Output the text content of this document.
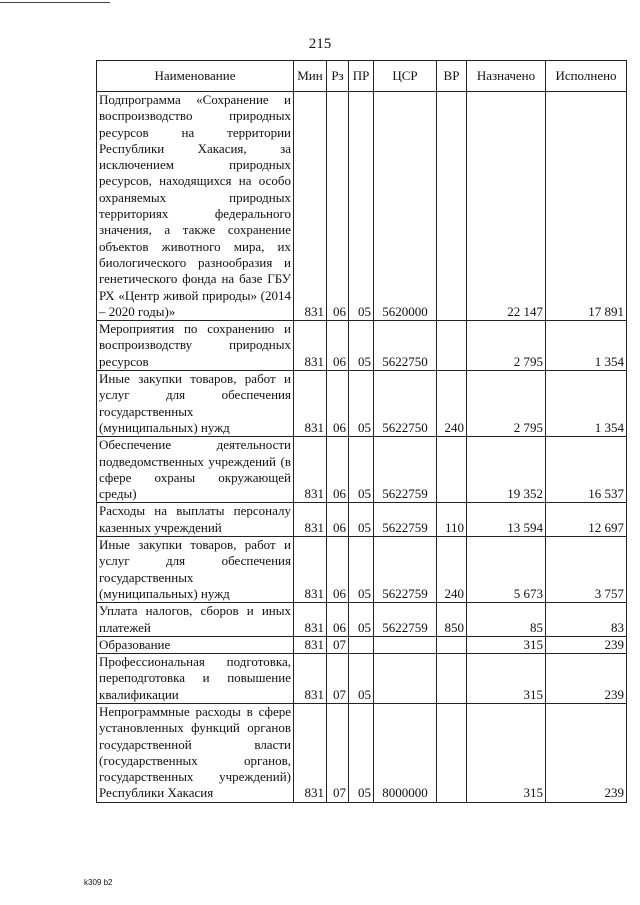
215
Наименование	Мин	Рз	ПР	ЦСР	ВР	Назначено	Исполнено
Подпрограмма «Сохранение и воспроизводство природных ресурсов на территории Республики Хакасия, за исключением природных ресурсов, находящихся на особо охраняемых природных территориях федерального значения, а также сохранение объектов животного мира, их биологического разнообразия и генетического фонда на базе ГБУ РХ «Центр живой природы» (2014 – 2020 годы)»	831	06	05	5620000		22 147	17 891
Мероприятия по сохранению и воспроизводству природных ресурсов	831	06	05	5622750		2 795	1 354
Иные закупки товаров, работ и услуг для обеспечения государственных (муниципальных) нужд	831	06	05	5622750	240	2 795	1 354
Обеспечение деятельности подведомственных учреждений (в сфере охраны окружающей среды)	831	06	05	5622759		19 352	16 537
Расходы на выплаты персоналу казенных учреждений	831	06	05	5622759	110	13 594	12 697
Иные закупки товаров, работ и услуг для обеспечения государственных (муниципальных) нужд	831	06	05	5622759	240	5 673	3 757
Уплата налогов, сборов и иных платежей	831	06	05	5622759	850	85	83
Образование	831	07				315	239
Профессиональная подготовка, переподготовка и повышение квалификации	831	07	05			315	239
Непрограммные расходы в сфере установленных функций органов государственной власти (государственных органов, государственных учреждений) Республики Хакасия	831	07	05	8000000		315	239
k309 b2
